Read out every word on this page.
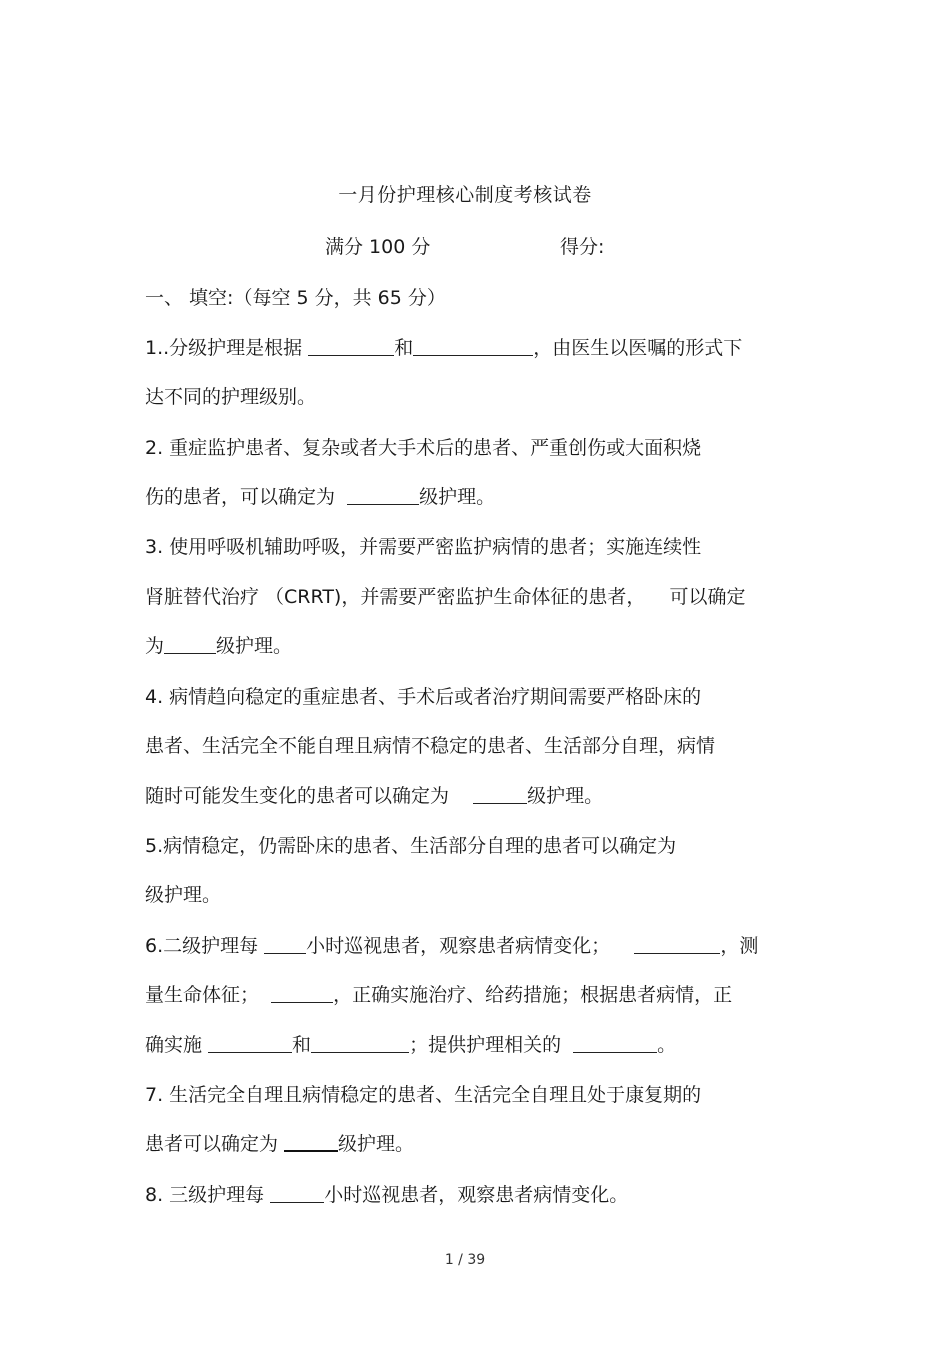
一月份护理核心制度考核试卷
满分 100 分	得分:
一、 填空:（每空 5 分，共 65 分）
1..分级护理是根据	和	，由医生以医嘱的形式下
达不同的护理级别。
2. 重症监护患者、复杂或者大手术后的患者、严重创伤或大面积烧
伤的患者，可以确定为	级护理。
3. 使用呼吸机辅助呼吸，并需要严密监护病情的患者；实施连续性
肾脏替代治疗 （CRRT)，并需要严密监护生命体征的患者，    可以确定
为	级护理。
4. 病情趋向稳定的重症患者、手术后或者治疗期间需要严格卧床的
患者、生活完全不能自理且病情不稳定的患者、生活部分自理，病情
随时可能发生变化的患者可以确定为	级护理。
5.病情稳定，仍需卧床的患者、生活部分自理的患者可以确定为
级护理。
6.二级护理每 小时巡视患者，观察患者病情变化；	，测
量生命体征；	，正确实施治疗、给药措施；根据患者病情，正
确实施	和	；提供护理相关的	。
7. 生活完全自理且病情稳定的患者、生活完全自理且处于康复期的
患者可以确定为	级护理。
8. 三级护理每	小时巡视患者，观察患者病情变化。
1 / 39
